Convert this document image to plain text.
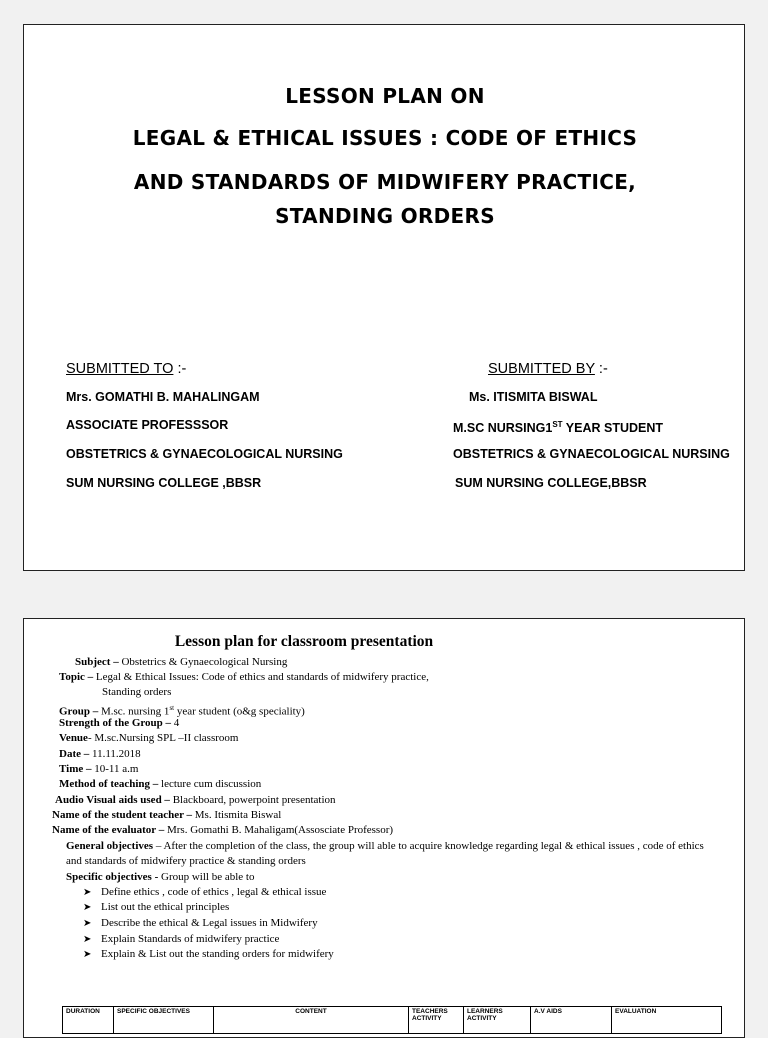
LESSON PLAN ON
LEGAL & ETHICAL ISSUES : CODE OF ETHICS
AND STANDARDS OF MIDWIFERY PRACTICE,
STANDING ORDERS
SUBMITTED TO :-	SUBMITTED BY :-
Mrs. GOMATHI B. MAHALINGAM
ASSOCIATE PROFESSSOR
OBSTETRICS & GYNAECOLOGICAL NURSING
SUM NURSING COLLEGE ,BBSR
Ms. ITISMITA BISWAL
M.SC NURSING1ST YEAR STUDENT
OBSTETRICS & GYNAECOLOGICAL NURSING
SUM NURSING COLLEGE,BBSR
Lesson plan for classroom presentation
Subject – Obstetrics & Gynaecological Nursing
Topic – Legal & Ethical Issues: Code of ethics and standards of midwifery practice,
Standing orders
Group – M.sc. nursing 1st year student (o&g speciality)
Strength of the Group – 4
Venue- M.sc.Nursing SPL –II classroom
Date – 11.11.2018
Time – 10-11 a.m
Method of teaching – lecture cum discussion
Audio Visual aids used – Blackboard, powerpoint presentation
Name of the student teacher – Ms. Itismita Biswal
Name of the evaluator – Mrs. Gomathi B. Mahaligam(Assosciate Professor)
General objectives – After the completion of the class, the group will able to acquire knowledge regarding legal & ethical issues , code of ethics
and standards of midwifery practice & standing orders
Specific objectives - Group will be able to
➤ Define ethics , code of ethics , legal & ethical issue
➤ List out the ethical principles
➤ Describe the ethical & Legal issues in Midwifery
➤ Explain Standards of midwifery practice
➤ Explain & List out the standing orders for midwifery
DURATION	SPECIFIC OBJECTIVES	CONTENT	TEACHERS ACTIVITY	LEARNERS ACTIVITY	A.V AIDS	EVALUATION
